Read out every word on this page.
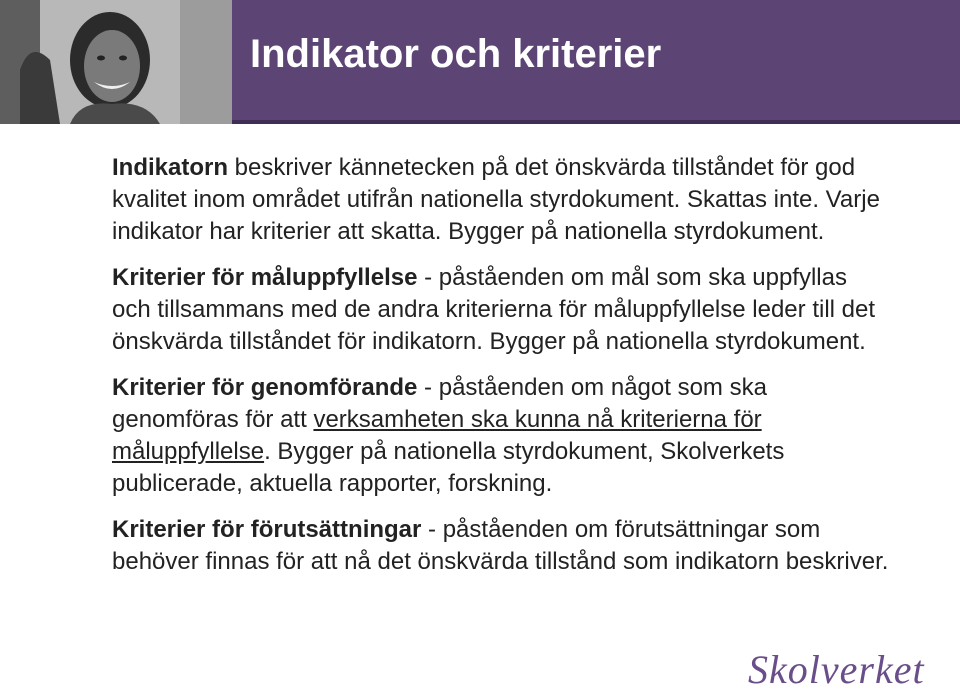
Indikator och kriterier

Indikatorn beskriver kännetecken på det önskvärda tillståndet för god kvalitet inom området utifrån nationella styrdokument. Skattas inte. Varje indikator har kriterier att skatta. Bygger på nationella styrdokument.

Kriterier för måluppfyllelse - påståenden om mål som ska uppfyllas och tillsammans med de andra kriterierna för måluppfyllelse leder till det önskvärda tillståndet för indikatorn. Bygger på nationella styrdokument.

Kriterier för genomförande - påståenden om något som ska genomföras för att verksamheten ska kunna nå kriterierna för måluppfyllelse. Bygger på nationella styrdokument, Skolverkets publicerade, aktuella rapporter, forskning.

Kriterier för förutsättningar - påståenden om förutsättningar som behöver finnas för att nå det önskvärda tillstånd som indikatorn beskriver.

Skolverket
